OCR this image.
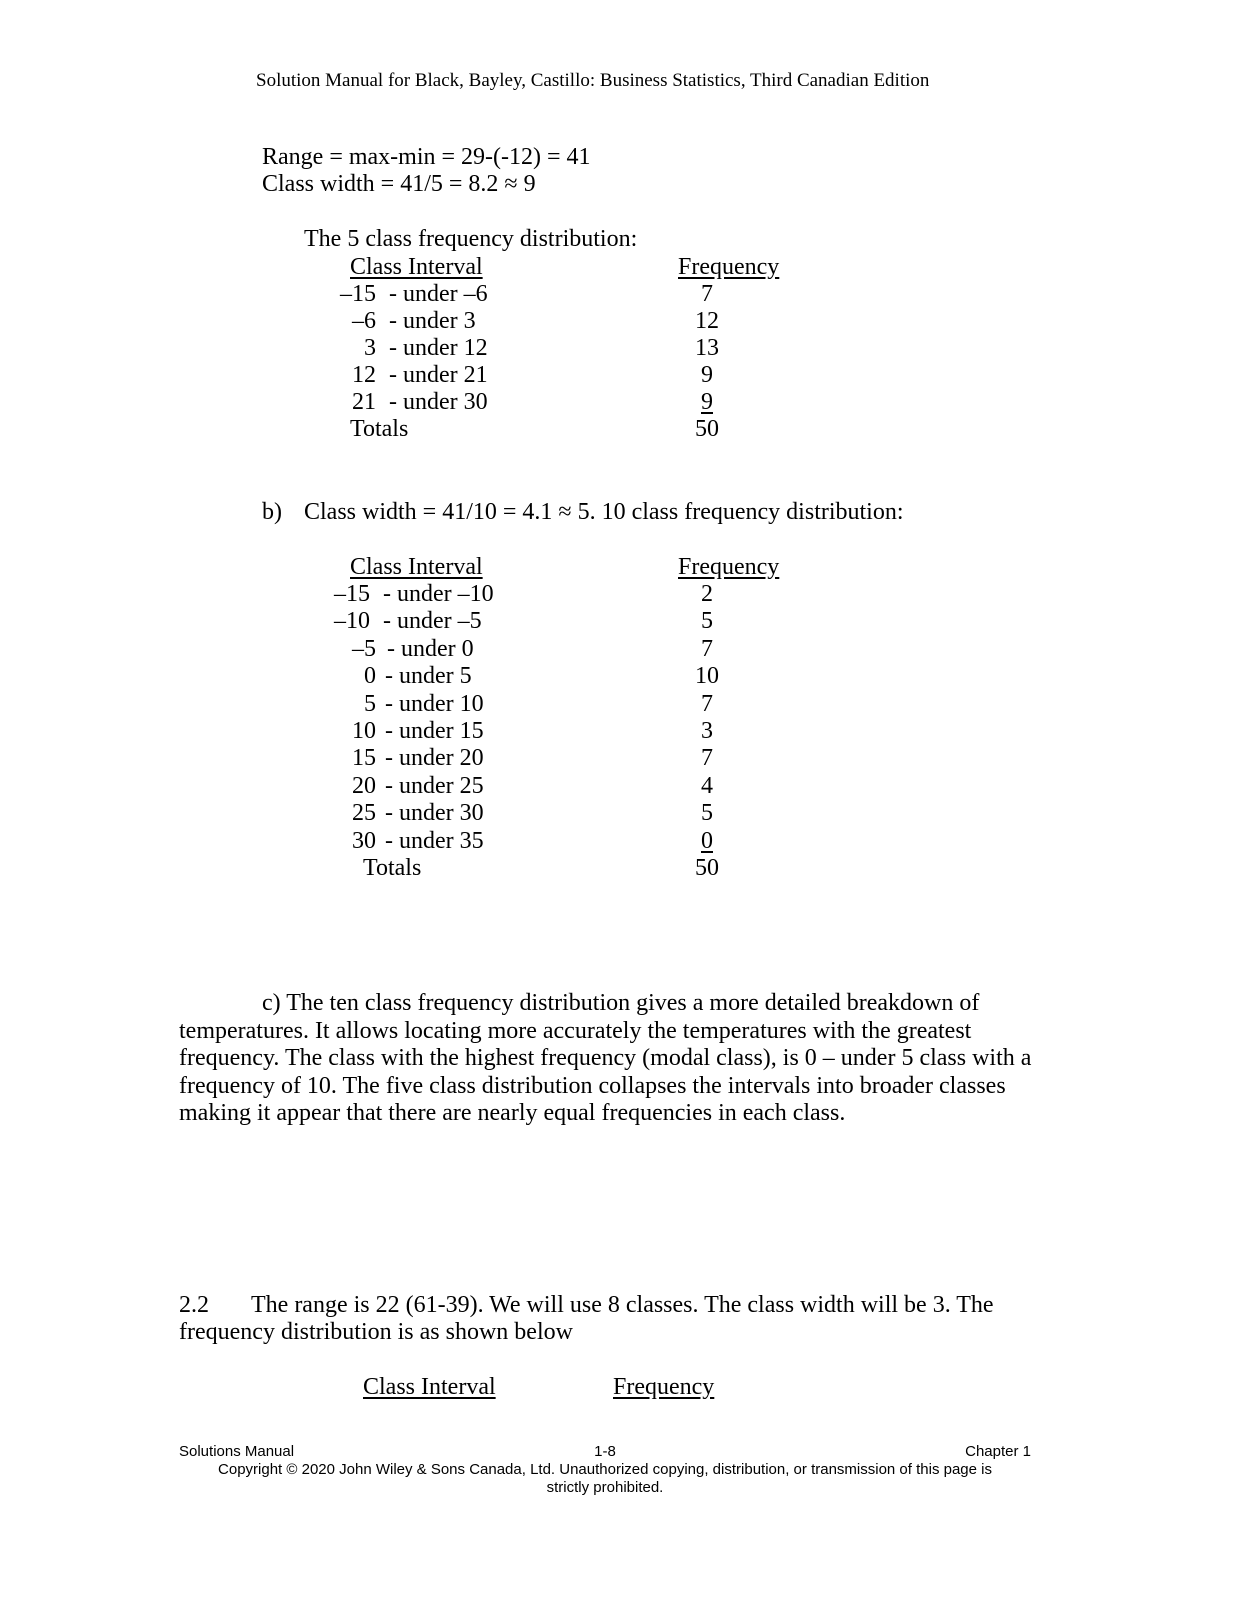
Solution Manual for Black, Bayley, Castillo: Business Statistics, Third Canadian Edition
Range = max-min = 29-(-12) = 41
Class width = 41/5 = 8.2 ≈ 9
The 5 class frequency distribution:
Class Interval	Frequency
–15 - under –6	7
–6 - under 3	12
3 - under 12	13
12 - under 21	9
21 - under 30	9
Totals	50
b) Class width = 41/10 = 4.1 ≈ 5. 10 class frequency distribution:
Class Interval	Frequency
–15 - under –10	2
–10 - under –5	5
–5 - under 0	7
0 - under 5	10
5 - under 10	7
10 - under 15	3
15 - under 20	7
20 - under 25	4
25 - under 30	5
30 - under 35	0
Totals	50
c) The ten class frequency distribution gives a more detailed breakdown of
temperatures. It allows locating more accurately the temperatures with the greatest
frequency. The class with the highest frequency (modal class), is 0 – under 5 class with a
frequency of 10. The five class distribution collapses the intervals into broader classes
making it appear that there are nearly equal frequencies in each class.
2.2 The range is 22 (61-39). We will use 8 classes. The class width will be 3. The
frequency distribution is as shown below
Class Interval	Frequency
Solutions Manual	1-8	Chapter 1
Copyright © 2020 John Wiley & Sons Canada, Ltd. Unauthorized copying, distribution, or transmission of this page is
strictly prohibited.
